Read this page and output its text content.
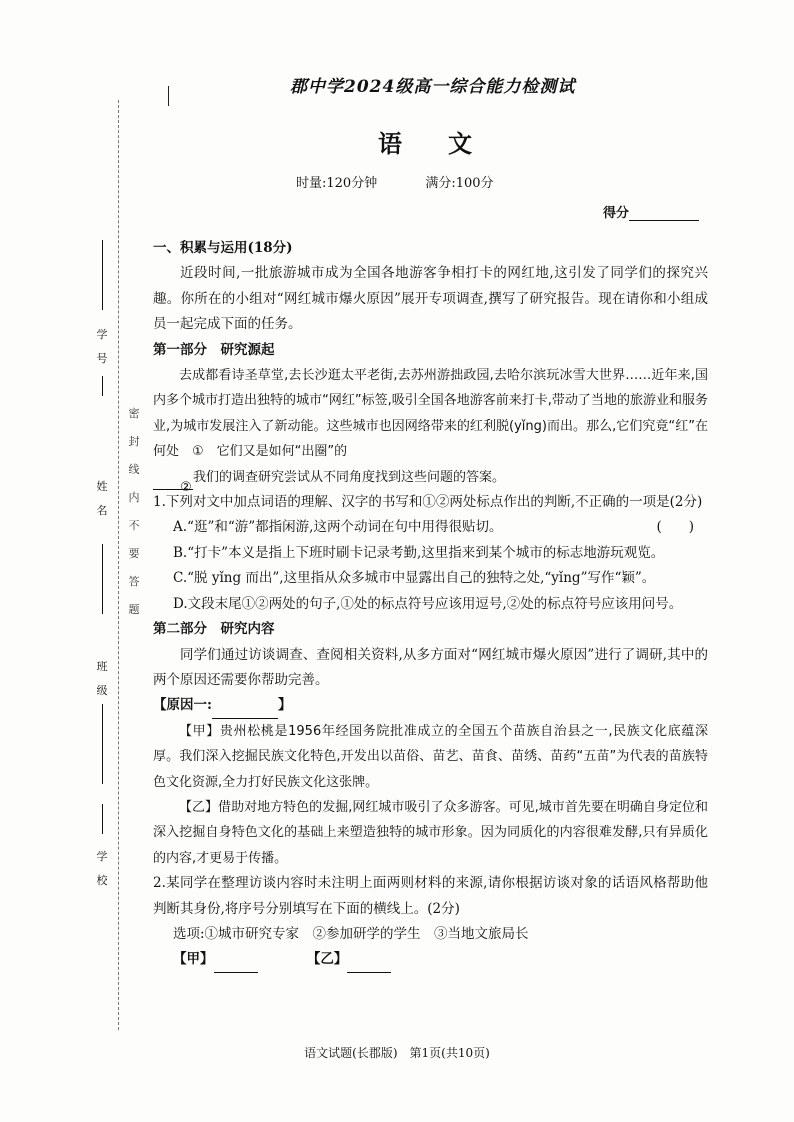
密
封
线
内
不
要
答
题
学
号
姓
名
班
级
学
校
郡中学2024级高一综合能力检测试
语文
时量:120分钟	满分:100分
得分

一、积累与运用(18分)

近段时间,一批旅游城市成为全国各地游客争相打卡的网红地,这引发了同学们的探究兴趣。你所在的小组对“网红城市爆火原因”展开专项调查,撰写了研究报告。现在请你和小组成员一起完成下面的任务。

第一部分　研究源起

去成都看诗圣草堂,去长沙逛太平老街,去苏州游拙政园,去哈尔滨玩冰雪大世界……近年来,国内多个城市打造出独特的城市“网红”标签,吸引全国各地游客前来打卡,带动了当地的旅游业和服务业,为城市发展注入了新动能。这些城市也因网络带来的红利脱(yǐng)而出。那么,它们究竟“红”在何处　①　它们又是如何“出圈”的
②我们的调查研究尝试从不同角度找到这些问题的答案。

1.下列对文中加点词语的理解、汉字的书写和①②两处标点作出的判断,不正确的一项是(2分)
(　　)

A.“逛”和“游”都指闲游,这两个动词在句中用得很贴切。

B.“打卡”本义是指上下班时刷卡记录考勤,这里指来到某个城市的标志地游玩观览。

C.“脱 yǐng 而出”,这里指从众多城市中显露出自己的独特之处,“yǐng”写作“颖”。

D.文段末尾①②两处的句子,①处的标点符号应该用逗号,②处的标点符号应该用问号。

第二部分　研究内容

同学们通过访谈调查、查阅相关资料,从多方面对“网红城市爆火原因”进行了调研,其中的两个原因还需要你帮助完善。

【原因一:	】

【甲】贵州松桃是1956年经国务院批准成立的全国五个苗族自治县之一,民族文化底蕴深厚。我们深入挖掘民族文化特色,开发出以苗俗、苗艺、苗食、苗绣、苗药“五苗”为代表的苗族特色文化资源,全力打好民族文化这张牌。

【乙】借助对地方特色的发掘,网红城市吸引了众多游客。可见,城市首先要在明确自身定位和深入挖掘自身特色文化的基础上来塑造独特的城市形象。因为同质化的内容很难发酵,只有异质化的内容,才更易于传播。

2.某同学在整理访谈内容时未注明上面两则材料的来源,请你根据访谈对象的话语风格帮助他判断其身份,将序号分别填写在下面的横线上。(2分)

选项:①城市研究专家　②参加研学的学生　③当地文旅局长

【甲】	【乙】

语文试题(长郡版)　第1页(共10页)
